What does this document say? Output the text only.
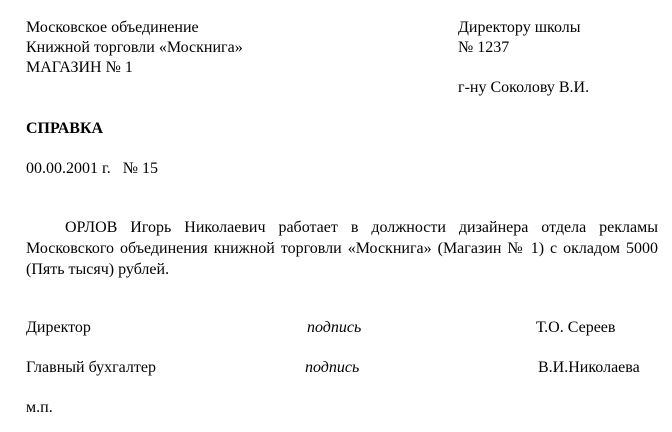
Московское объединение
Книжной торговли «Москнига»
МАГАЗИН № 1
Директору школы
№ 1237
г-ну Соколову В.И.
СПРАВКА
00.00.2001 г.   № 15
ОРЛОВ Игорь Николаевич работает в должности дизайнера отдела рекламы Московского объединения книжной торговли «Москнига» (Магазин № 1) с окладом 5000 (Пять тысяч) рублей.
Директор	подпись	Т.О. Сереев
Главный бухгалтер	подпись	В.И.Николаева
м.п.
